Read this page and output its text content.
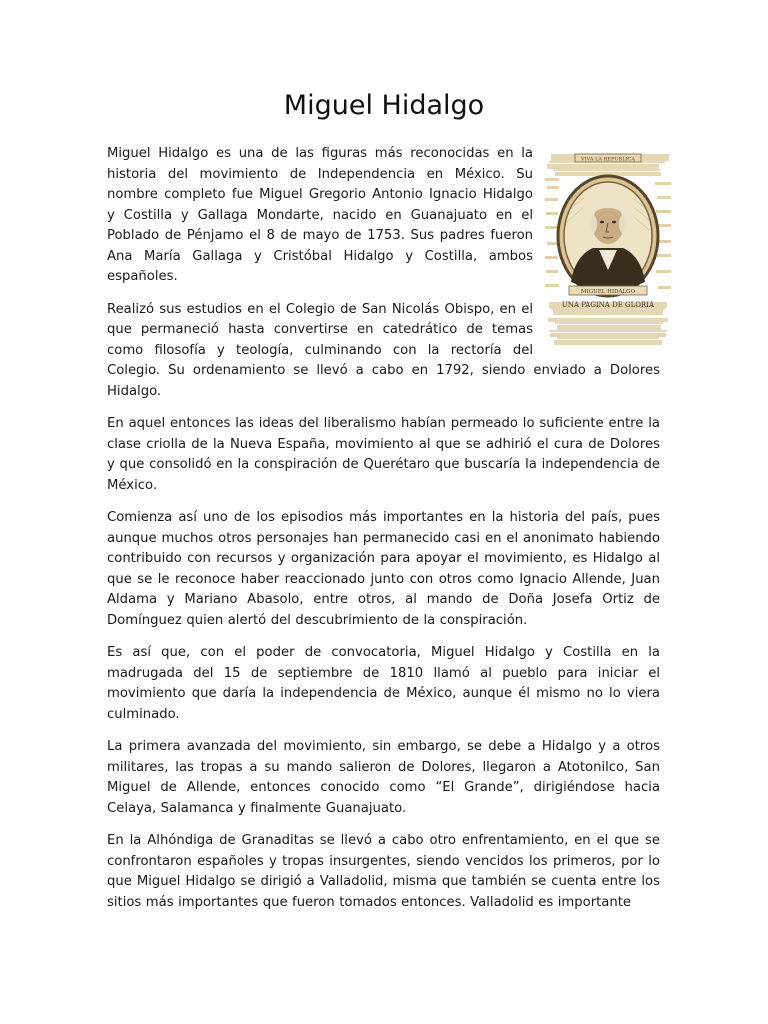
Miguel Hidalgo
VIVA LA REPUBLICA
MIGUEL HIDALGO
UNA PAGINA DE GLORIA

Miguel Hidalgo es una de las figuras más reconocidas en la historia del movimiento de Independencia en México. Su nombre completo fue Miguel Gregorio Antonio Ignacio Hidalgo y Costilla y Gallaga Mondarte, nacido en Guanajuato en el Poblado de Pénjamo el 8 de mayo de 1753. Sus padres fueron Ana María Gallaga y Cristóbal Hidalgo y Costilla, ambos españoles.

Realizó sus estudios en el Colegio de San Nicolás Obispo, en el que permaneció hasta convertirse en catedrático de temas como filosofía y teología, culminando con la rectoría del Colegio. Su ordenamiento se llevó a cabo en 1792, siendo enviado a Dolores Hidalgo.

En aquel entonces las ideas del liberalismo habían permeado lo suficiente entre la clase criolla de la Nueva España, movimiento al que se adhirió el cura de Dolores y que consolidó en la conspiración de Querétaro que buscaría la independencia de México.

Comienza así uno de los episodios más importantes en la historia del país, pues aunque muchos otros personajes han permanecido casi en el anonimato habiendo contribuido con recursos y organización para apoyar el movimiento, es Hidalgo al que se le reconoce haber reaccionado junto con otros como Ignacio Allende, Juan Aldama y Mariano Abasolo, entre otros, al mando de Doña Josefa Ortiz de Domínguez quien alertó del descubrimiento de la conspiración.

Es así que, con el poder de convocatoria, Miguel Hidalgo y Costilla en la madrugada del 15 de septiembre de 1810 llamó al pueblo para iniciar el movimiento que daría la independencia de México, aunque él mismo no lo viera culminado.

La primera avanzada del movimiento, sin embargo, se debe a Hidalgo y a otros militares, las tropas a su mando salieron de Dolores, llegaron a Atotonilco, San Miguel de Allende, entonces conocido como “El Grande”, dirigiéndose hacia Celaya, Salamanca y finalmente Guanajuato.

En la Alhóndiga de Granaditas se llevó a cabo otro enfrentamiento, en el que se confrontaron españoles y tropas insurgentes, siendo vencidos los primeros, por lo que Miguel Hidalgo se dirigió a Valladolid, misma que también se cuenta entre los sitios más importantes que fueron tomados entonces. Valladolid es importante
